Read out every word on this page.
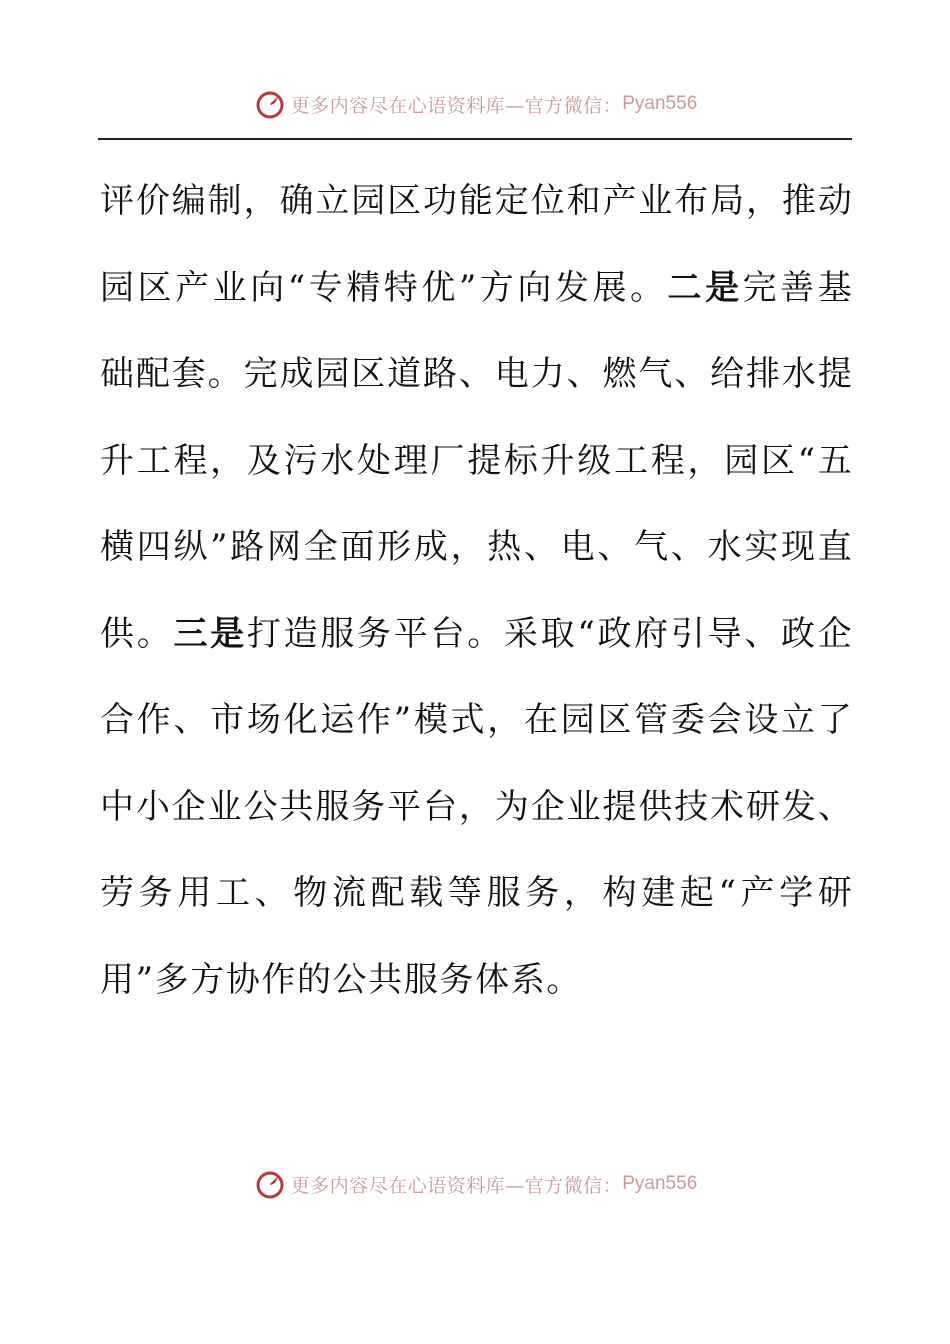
更多内容尽在心语资料库—官方微信： Pyan556
评 价 编 制 ， 确 立 园 区 功 能 定 位 和 产 业 布 局 ， 推 动
园 区 产 业 向 “ 专 精 特 优 ” 方 向 发 展 。 二 是 完 善 基
础 配 套 。 完 成 园 区 道 路 、 电 力 、 燃 气 、 给 排 水 提
升 工 程 ， 及 污 水 处 理 厂 提 标 升 级 工 程 ， 园 区 “ 五
横 四 纵 ” 路 网 全 面 形 成 ， 热 、 电 、 气 、 水 实 现 直
供 。 三 是 打 造 服 务 平 台 。 采 取 “ 政 府 引 导 、 政 企
合 作 、 市 场 化 运 作 ” 模 式 ， 在 园 区 管 委 会 设 立 了
中 小 企 业 公 共 服 务 平 台 ， 为 企 业 提 供 技 术 研 发 、
劳 务 用 工 、 物 流 配 载 等 服 务 ， 构 建 起 “ 产 学 研
用 ” 多 方 协 作 的 公 共 服 务 体 系 。
更多内容尽在心语资料库—官方微信： Pyan556
